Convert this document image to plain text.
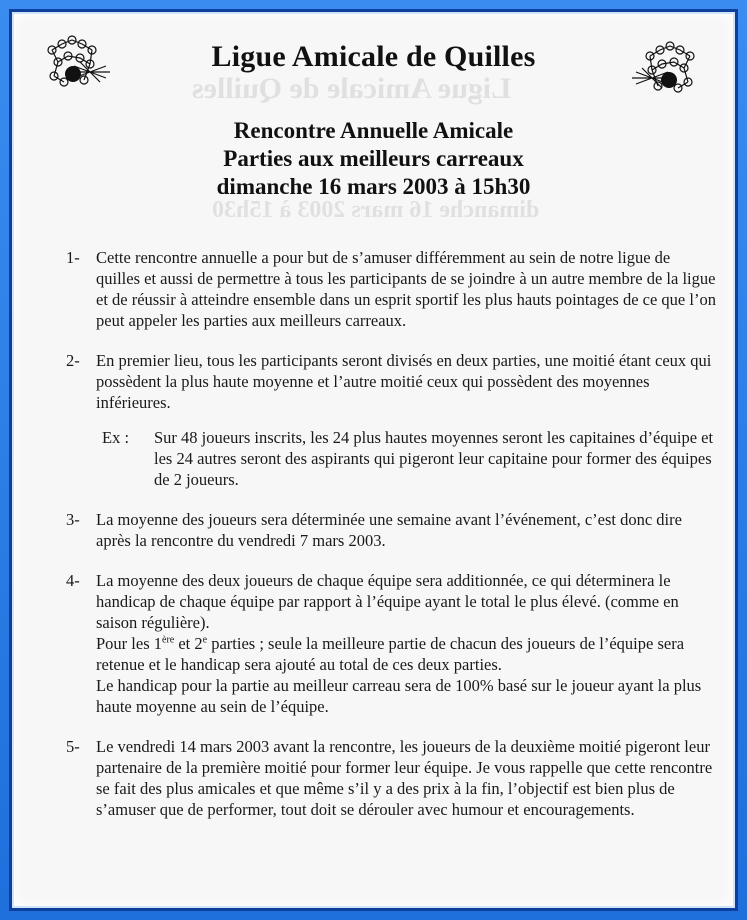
Ligue Amicale de Quilles
dimanche 16 mars 2003 à 15h30
Ligue Amicale de Quilles
Rencontre Annuelle Amicale
Parties aux meilleurs carreaux
dimanche 16 mars 2003 à 15h30
1- Cette rencontre annuelle a pour but de s’amuser différemment au sein de notre ligue de quilles et aussi de permettre à tous les participants de se joindre à un autre membre de la ligue et de réussir à atteindre ensemble dans un esprit sportif les plus hauts pointages de ce que l’on peut appeler les parties aux meilleurs carreaux.
2- En premier lieu, tous les participants seront divisés en deux parties, une moitié étant ceux qui possèdent la plus haute moyenne et l’autre moitié ceux qui possèdent des moyennes inférieures.
Ex : Sur 48 joueurs inscrits, les 24 plus hautes moyennes seront les capitaines d’équipe et les 24 autres seront des aspirants qui pigeront leur capitaine pour former des équipes de 2 joueurs.
3- La moyenne des joueurs sera déterminée une semaine avant l’événement, c’est donc dire après la rencontre du vendredi 7 mars 2003.
4- La moyenne des deux joueurs de chaque équipe sera additionnée, ce qui déterminera le handicap de chaque équipe par rapport à l’équipe ayant le total le plus élevé. (comme en saison régulière).
Pour les 1ère et 2e parties ; seule la meilleure partie de chacun des joueurs de l’équipe sera retenue et le handicap sera ajouté au total de ces deux parties.
Le handicap pour la partie au meilleur carreau sera de 100% basé sur le joueur ayant la plus haute moyenne au sein de l’équipe.
5- Le vendredi 14 mars 2003 avant la rencontre, les joueurs de la deuxième moitié pigeront leur partenaire de la première moitié pour former leur équipe. Je vous rappelle que cette rencontre se fait des plus amicales et que même s’il y a des prix à la fin, l’objectif est bien plus de s’amuser que de performer, tout doit se dérouler avec humour et encouragements.
